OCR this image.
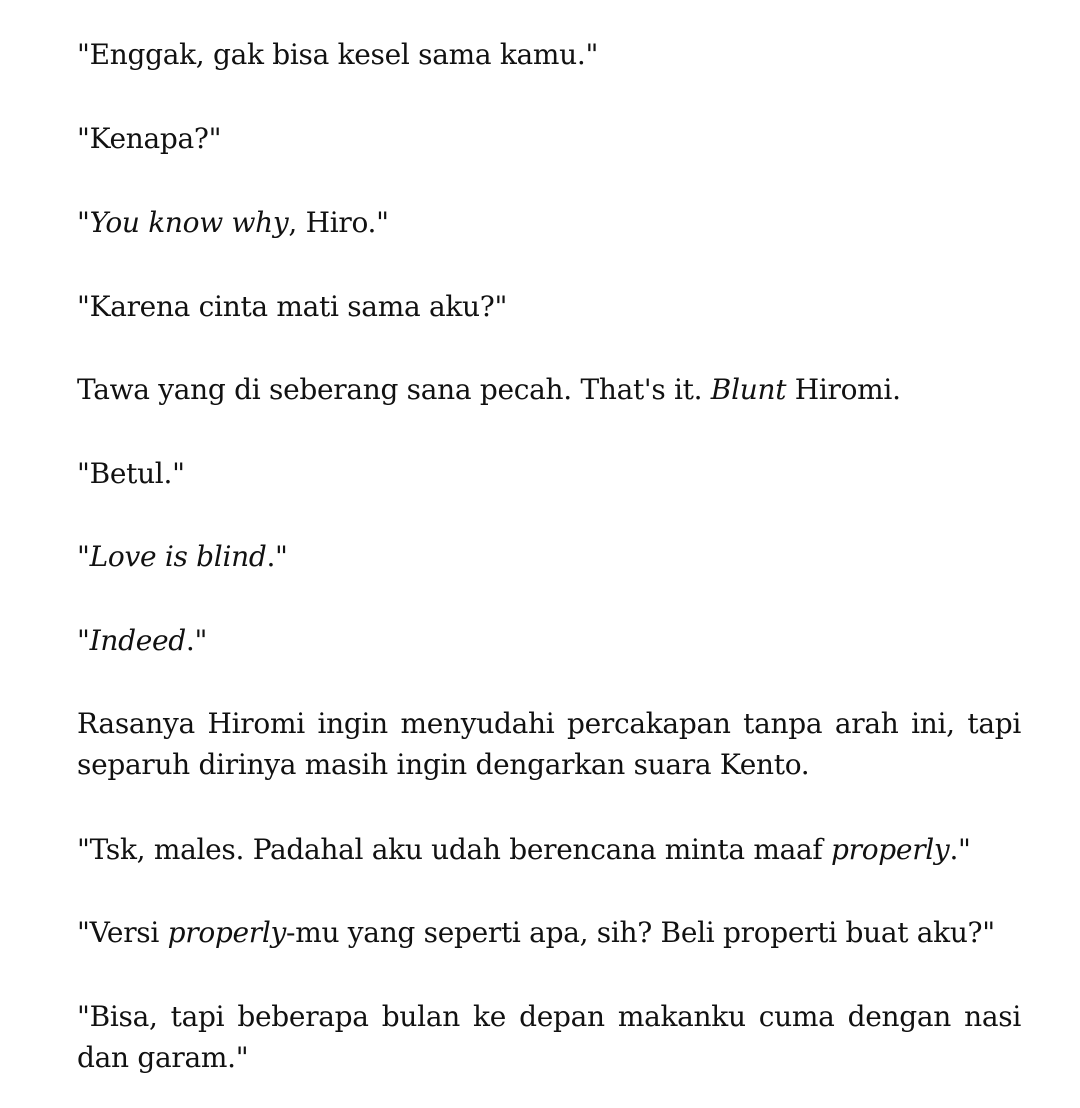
"Enggak, gak bisa kesel sama kamu."

"Kenapa?"

"You know why, Hiro."

"Karena cinta mati sama aku?"

Tawa yang di seberang sana pecah. That's it. Blunt Hiromi.

"Betul."

"Love is blind."

"Indeed."

Rasanya Hiromi ingin menyudahi percakapan tanpa arah ini, tapi
separuh dirinya masih ingin dengarkan suara Kento.

"Tsk, males. Padahal aku udah berencana minta maaf properly."

"Versi properly-mu yang seperti apa, sih? Beli properti buat aku?"

"Bisa, tapi beberapa bulan ke depan makanku cuma dengan nasi
dan garam."
